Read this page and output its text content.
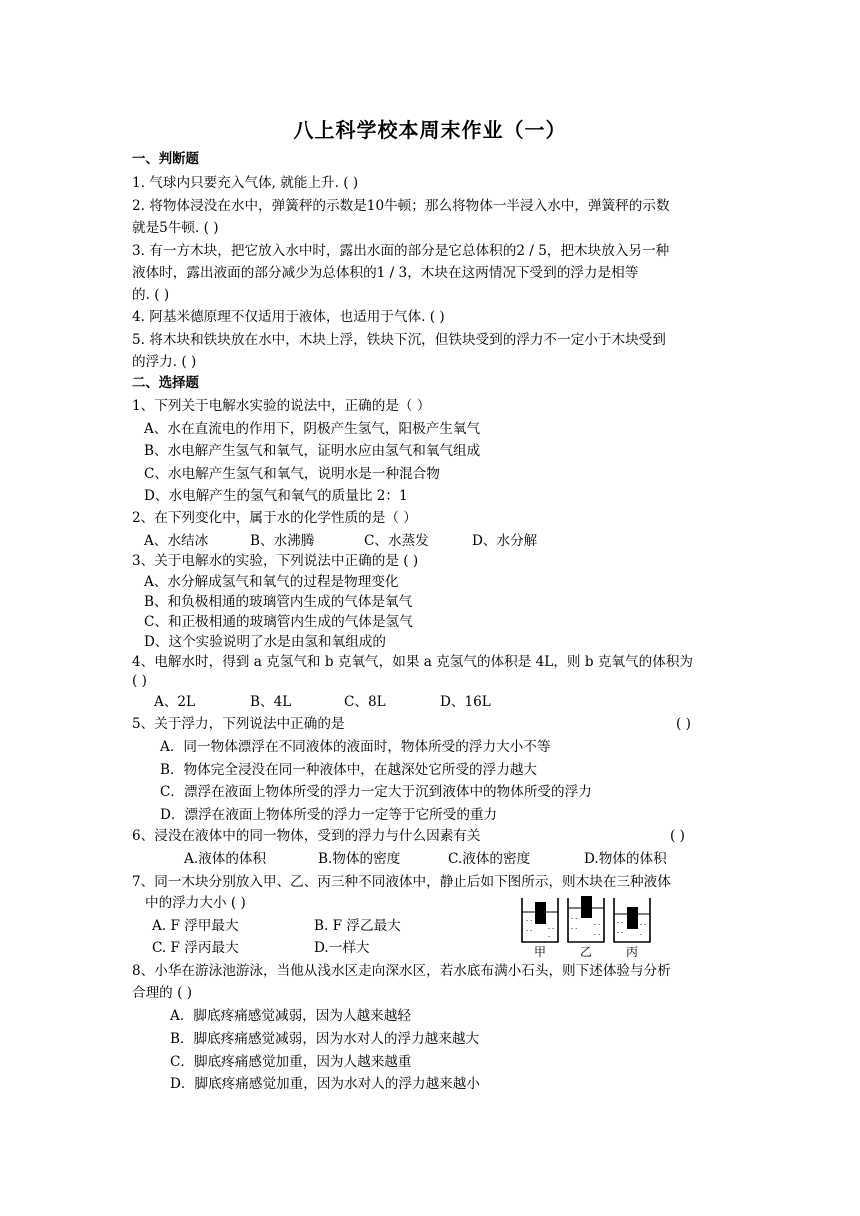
八上科学校本周末作业（一）
一、判断题
1. 气球内只要充入气体, 就能上升. ( )
2. 将物体浸没在水中，弹簧秤的示数是10牛顿；那么将物体一半浸入水中，弹簧秤的示数
就是5牛顿. ( )
3. 有一方木块，把它放入水中时，露出水面的部分是它总体积的2 / 5，把木块放入另一种
液体时，露出液面的部分减少为总体积的1 / 3，木块在这两情况下受到的浮力是相等
的. ( )
4. 阿基米德原理不仅适用于液体，也适用于气体. ( )
5. 将木块和铁块放在水中，木块上浮，铁块下沉，但铁块受到的浮力不一定小于木块受到
的浮力. ( )
二、选择题
1、下列关于电解水实验的说法中，正确的是（ ）
A、水在直流电的作用下，阴极产生氢气，阳极产生氧气
B、水电解产生氢气和氧气，证明水应由氢气和氧气组成
C、水电解产生氢气和氧气，说明水是一种混合物
D、水电解产生的氢气和氧气的质量比 2：1
2、在下列变化中，属于水的化学性质的是（ ）
A、水结冰	B、水沸腾	C、水蒸发	D、水分解
3、关于电解水的实验，下列说法中正确的是 ( )
A、水分解成氢气和氧气的过程是物理变化
B、和负极相通的玻璃管内生成的气体是氧气
C、和正极相通的玻璃管内生成的气体是氢气
D、这个实验说明了水是由氢和氧组成的
4、电解水时，得到 a 克氢气和 b 克氧气，如果 a 克氢气的体积是 4L，则 b 克氧气的体积为
( )
A、2L	B、4L	C、8L	D、16L
5、关于浮力，下列说法中正确的是	( )
A．同一物体漂浮在不同液体的液面时，物体所受的浮力大小不等
B．物体完全浸没在同一种液体中，在越深处它所受的浮力越大
C．漂浮在液面上物体所受的浮力一定大于沉到液体中的物体所受的浮力
D．漂浮在液面上物体所受的浮力一定等于它所受的重力
6、浸没在液体中的同一物体，受到的浮力与什么因素有关	( )
A.液体的体积	B.物体的密度	C.液体的密度	D.物体的体积
7、同一木块分别放入甲、乙、丙三种不同液体中，静止后如下图所示，则木块在三种液体
中的浮力大小 ( )
A. F 浮甲最大	B. F 浮乙最大
C. F 浮丙最大	D.一样大
- -
- -	- -
-
- -
- -
- -
- -
- -
- -
- -
-
甲	乙	丙
8、小华在游泳池游泳，当他从浅水区走向深水区，若水底布满小石头，则下述体验与分析
合理的 ( )
A．脚底疼痛感觉减弱，因为人越来越轻
B．脚底疼痛感觉减弱，因为水对人的浮力越来越大
C．脚底疼痛感觉加重，因为人越来越重
D．脚底疼痛感觉加重，因为水对人的浮力越来越小
